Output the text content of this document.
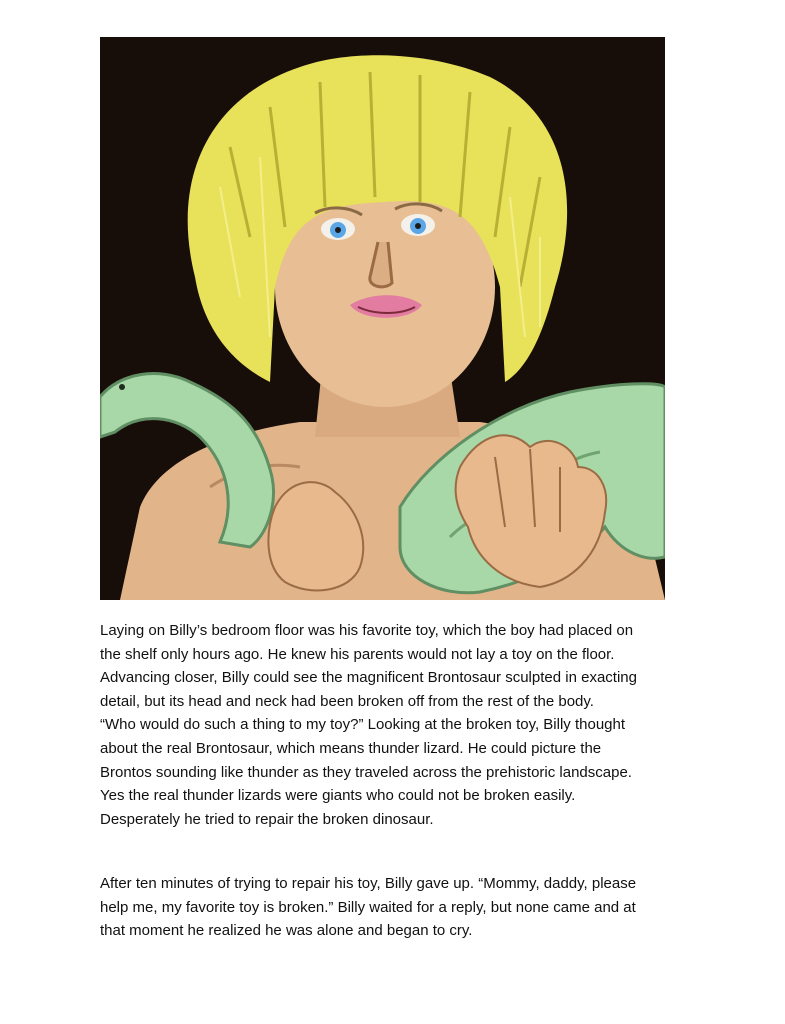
Laying on Billy’s bedroom floor was his favorite toy, which the boy had placed on
the shelf only hours ago. He knew his parents would not lay a toy on the floor.
Advancing closer, Billy could see the magnificent Brontosaur sculpted in exacting
detail, but its head and neck had been broken off from the rest of the body.
“Who would do such a thing to my toy?” Looking at the broken toy, Billy thought
about the real Brontosaur, which means thunder lizard. He could picture the
Brontos sounding like thunder as they traveled across the prehistoric landscape.
Yes the real thunder lizards were giants who could not be broken easily.
Desperately he tried to repair the broken dinosaur.

After ten minutes of trying to repair his toy, Billy gave up. “Mommy, daddy, please
help me, my favorite toy is broken.” Billy waited for a reply, but none came and at
that moment he realized he was alone and began to cry.
